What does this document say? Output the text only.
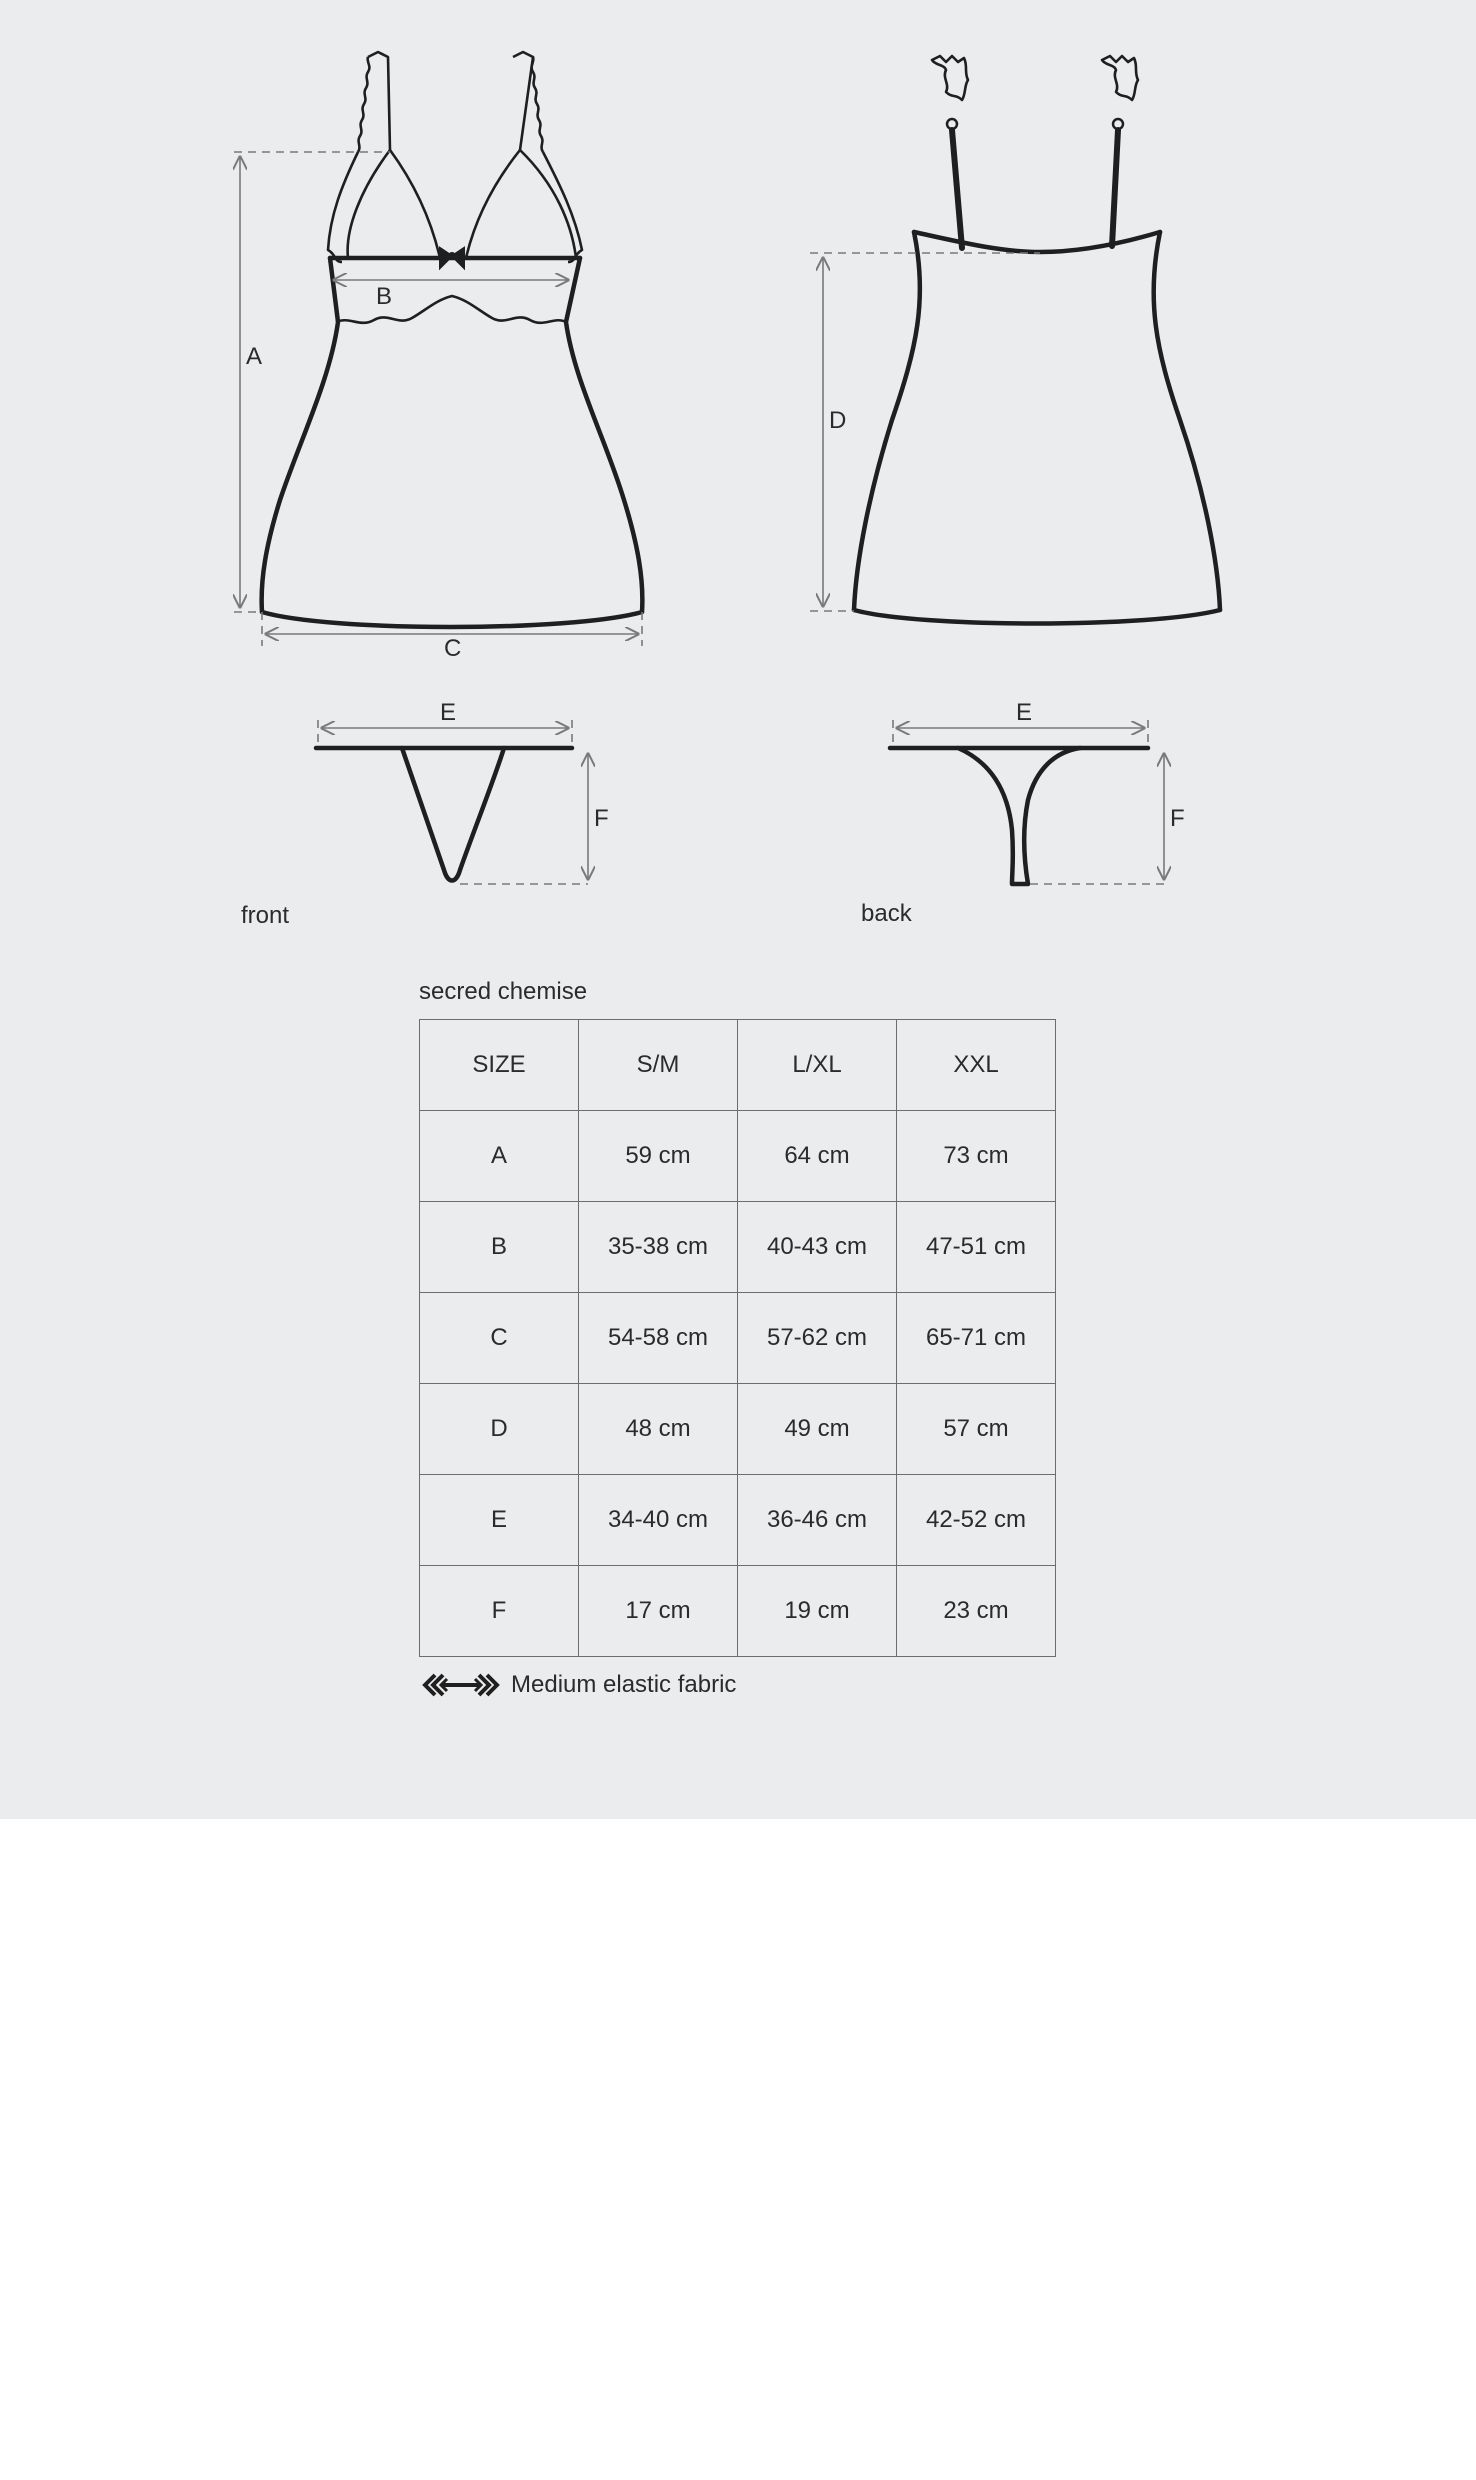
A
B
C
D
E
F
E
F
front	back
secred chemise
SIZE	S/M	L/XL	XXL
A	59 cm	64 cm	73 cm
B	35-38 cm	40-43 cm	47-51 cm
C	54-58 cm	57-62 cm	65-71 cm
D	48 cm	49 cm	57 cm
E	34-40 cm	36-46 cm	42-52 cm
F	17 cm	19 cm	23 cm
Medium elastic fabric
